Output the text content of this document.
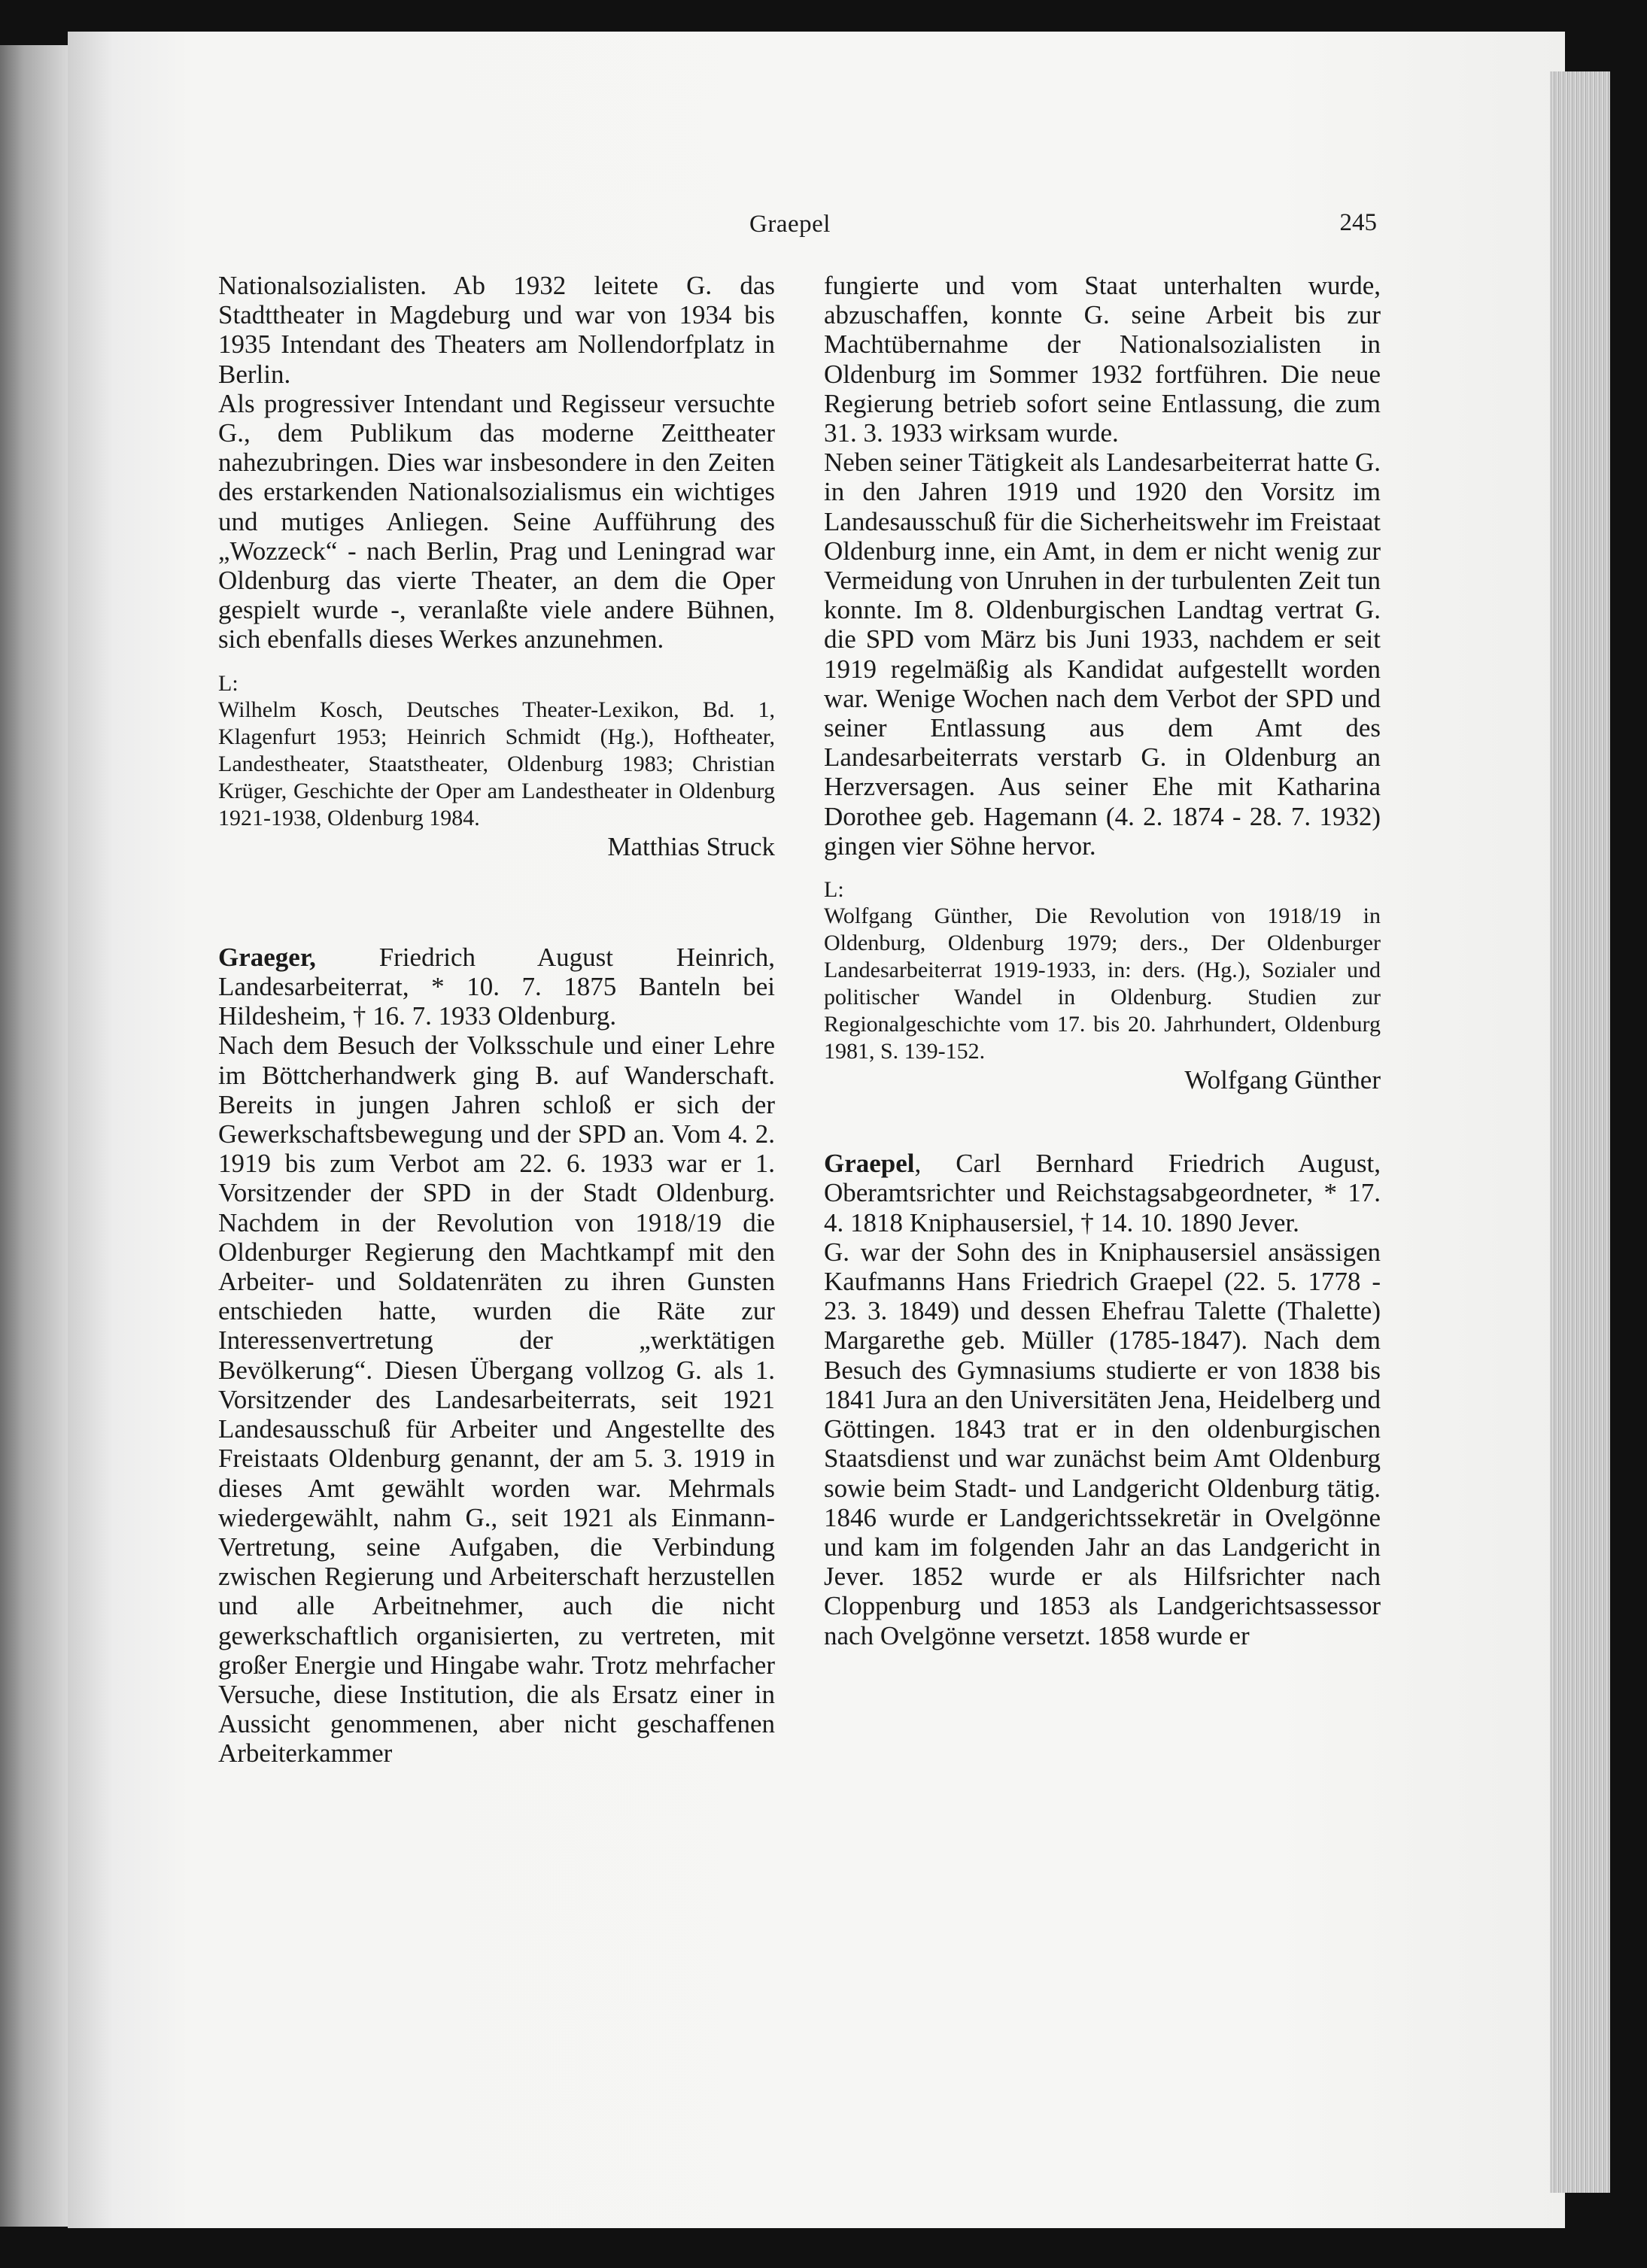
Graepel	245

Nationalsozialisten. Ab 1932 leitete G. das Stadttheater in Magdeburg und war von 1934 bis 1935 Intendant des Theaters am Nollendorfplatz in Berlin.

Als progressiver Intendant und Regisseur versuchte G., dem Publikum das moderne Zeittheater nahezubringen. Dies war insbesondere in den Zeiten des erstarkenden Nationalsozialismus ein wichtiges und mutiges Anliegen. Seine Aufführung des „Wozzeck“ - nach Berlin, Prag und Leningrad war Oldenburg das vierte Theater, an dem die Oper gespielt wurde -, veranlaßte viele andere Bühnen, sich ebenfalls dieses Werkes anzunehmen.

L:

Wilhelm Kosch, Deutsches Theater-Lexikon, Bd. 1, Klagenfurt 1953; Heinrich Schmidt (Hg.), Hoftheater, Landestheater, Staatstheater, Oldenburg 1983; Christian Krüger, Geschichte der Oper am Landestheater in Oldenburg 1921-1938, Oldenburg 1984.

Matthias Struck

Graeger, Friedrich August Heinrich, Landesarbeiterrat, * 10. 7. 1875 Banteln bei Hildesheim, † 16. 7. 1933 Oldenburg.

Nach dem Besuch der Volksschule und einer Lehre im Böttcherhandwerk ging B. auf Wanderschaft. Bereits in jungen Jahren schloß er sich der Gewerkschaftsbewegung und der SPD an. Vom 4. 2. 1919 bis zum Verbot am 22. 6. 1933 war er 1. Vorsitzender der SPD in der Stadt Oldenburg. Nachdem in der Revolution von 1918/19 die Oldenburger Regierung den Machtkampf mit den Arbeiter- und Soldatenräten zu ihren Gunsten entschieden hatte, wurden die Räte zur Interessenvertretung der „werktätigen Bevölkerung“. Diesen Übergang vollzog G. als 1. Vorsitzender des Landesarbeiterrats, seit 1921 Landesausschuß für Arbeiter und Angestellte des Freistaats Oldenburg genannt, der am 5. 3. 1919 in dieses Amt gewählt worden war. Mehrmals wiedergewählt, nahm G., seit 1921 als Einmann-Vertretung, seine Aufgaben, die Verbindung zwischen Regierung und Arbeiterschaft herzustellen und alle Arbeitnehmer, auch die nicht gewerkschaftlich organisierten, zu vertreten, mit großer Energie und Hingabe wahr. Trotz mehrfacher Versuche, diese Institution, die als Ersatz einer in Aussicht genommenen, aber nicht geschaffenen Arbeiterkammer

fungierte und vom Staat unterhalten wurde, abzuschaffen, konnte G. seine Arbeit bis zur Machtübernahme der Nationalsozialisten in Oldenburg im Sommer 1932 fortführen. Die neue Regierung betrieb sofort seine Entlassung, die zum 31. 3. 1933 wirksam wurde.

Neben seiner Tätigkeit als Landesarbeiterrat hatte G. in den Jahren 1919 und 1920 den Vorsitz im Landesausschuß für die Sicherheitswehr im Freistaat Oldenburg inne, ein Amt, in dem er nicht wenig zur Vermeidung von Unruhen in der turbulenten Zeit tun konnte. Im 8. Oldenburgischen Landtag vertrat G. die SPD vom März bis Juni 1933, nachdem er seit 1919 regelmäßig als Kandidat aufgestellt worden war. Wenige Wochen nach dem Verbot der SPD und seiner Entlassung aus dem Amt des Landesarbeiterrats verstarb G. in Oldenburg an Herzversagen. Aus seiner Ehe mit Katharina Dorothee geb. Hagemann (4. 2. 1874 - 28. 7. 1932) gingen vier Söhne hervor.

L:

Wolfgang Günther, Die Revolution von 1918/19 in Oldenburg, Oldenburg 1979; ders., Der Oldenburger Landesarbeiterrat 1919-1933, in: ders. (Hg.), Sozialer und politischer Wandel in Oldenburg. Studien zur Regionalgeschichte vom 17. bis 20. Jahrhundert, Oldenburg 1981, S. 139-152.

Wolfgang Günther

Graepel, Carl Bernhard Friedrich August, Oberamtsrichter und Reichstagsabgeordneter, * 17. 4. 1818 Kniphausersiel, † 14. 10. 1890 Jever.

G. war der Sohn des in Kniphausersiel ansässigen Kaufmanns Hans Friedrich Graepel (22. 5. 1778 - 23. 3. 1849) und dessen Ehefrau Talette (Thalette) Margarethe geb. Müller (1785-1847). Nach dem Besuch des Gymnasiums studierte er von 1838 bis 1841 Jura an den Universitäten Jena, Heidelberg und Göttingen. 1843 trat er in den oldenburgischen Staatsdienst und war zunächst beim Amt Oldenburg sowie beim Stadt- und Landgericht Oldenburg tätig. 1846 wurde er Landgerichtssekretär in Ovelgönne und kam im folgenden Jahr an das Landgericht in Jever. 1852 wurde er als Hilfsrichter nach Cloppenburg und 1853 als Landgerichtsassessor nach Ovelgönne versetzt. 1858 wurde er
